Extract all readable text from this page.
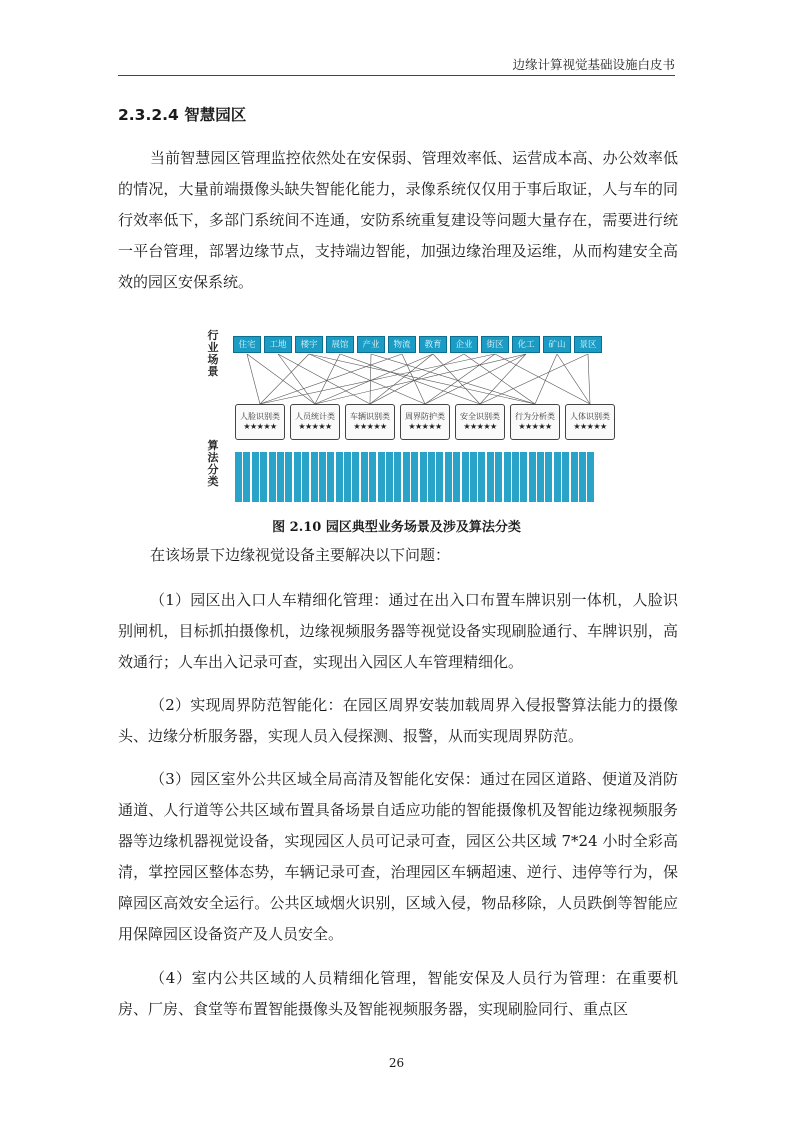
边缘计算视觉基础设施白皮书
2.3.2.4 智慧园区

当前智慧园区管理监控依然处在安保弱、管理效率低、运营成本高、办公效率低的情况，大量前端摄像头缺失智能化能力，录像系统仅仅用于事后取证，人与车的同行效率低下，多部门系统间不连通，安防系统重复建设等问题大量存在，需要进行统一平台管理，部署边缘节点，支持端边智能，加强边缘治理及运维，从而构建安全高效的园区安保系统。

行业场景
算法分类
住宅	工地	楼宇	展馆	产业	物流	教育	企业	街区	化工	矿山	景区
人脸识别类
★★★★★
人员统计类
★★★★★
车辆识别类
★★★★★
周界防护类
★★★★★
安全识别类
★★★★★
行为分析类
★★★★★
人体识别类
★★★★★
图 2.10 园区典型业务场景及涉及算法分类

在该场景下边缘视觉设备主要解决以下问题：

（1）园区出入口人车精细化管理：通过在出入口布置车牌识别一体机，人脸识别闸机，目标抓拍摄像机，边缘视频服务器等视觉设备实现刷脸通行、车牌识别，高效通行；人车出入记录可查，实现出入园区人车管理精细化。

（2）实现周界防范智能化：在园区周界安装加载周界入侵报警算法能力的摄像头、边缘分析服务器，实现人员入侵探测、报警，从而实现周界防范。

（3）园区室外公共区域全局高清及智能化安保：通过在园区道路、便道及消防通道、人行道等公共区域布置具备场景自适应功能的智能摄像机及智能边缘视频服务器等边缘机器视觉设备，实现园区人员可记录可查，园区公共区域 7*24 小时全彩高清，掌控园区整体态势，车辆记录可查，治理园区车辆超速、逆行、违停等行为，保障园区高效安全运行。公共区域烟火识别，区域入侵，物品移除，人员跌倒等智能应用保障园区设备资产及人员安全。

（4）室内公共区域的人员精细化管理，智能安保及人员行为管理：在重要机房、厂房、食堂等布置智能摄像头及智能视频服务器，实现刷脸同行、重点区

26
